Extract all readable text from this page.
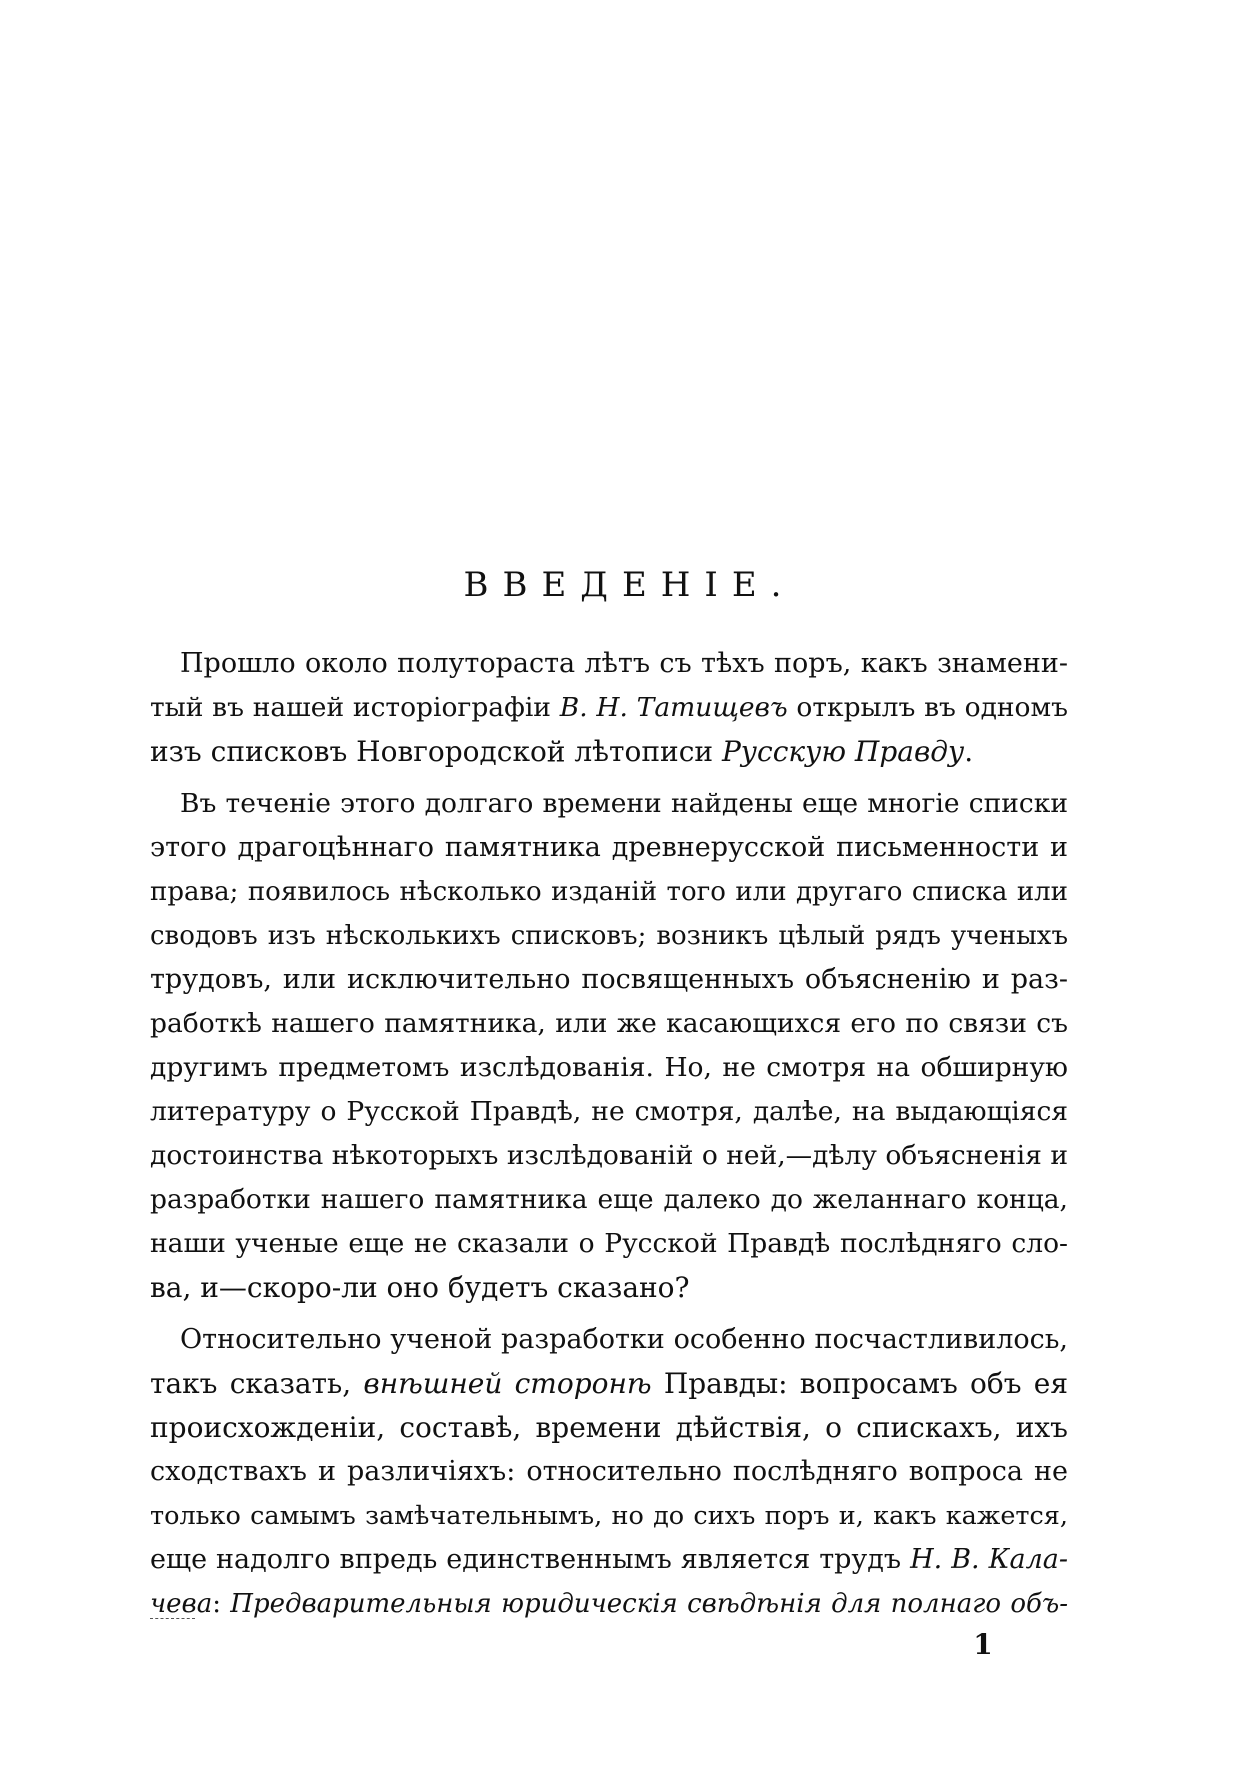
ВВЕДЕНІЕ.
Прошло около полутораста лѣтъ съ тѣхъ поръ, какъ знамени-
тый въ нашей исторіографіи В. Н. Татищевъ открылъ въ одномъ
изъ списковъ Новгородской лѣтописи Русскую Правду.
Въ теченіе этого долгаго времени найдены еще многіе списки
этого драгоцѣннаго памятника древнерусской письменности и
права; появилось нѣсколько изданій того или другаго списка или
сводовъ изъ нѣсколькихъ списковъ; возникъ цѣлый рядъ ученыхъ
трудовъ, или исключительно посвященныхъ объясненію и раз-
работкѣ нашего памятника, или же касающихся его по связи съ
другимъ предметомъ изслѣдованія. Но, не смотря на обширную
литературу о Русской Правдѣ, не смотря, далѣе, на выдающіяся
достоинства нѣкоторыхъ изслѣдованій о ней,—дѣлу объясненія и
разработки нашего памятника еще далеко до желаннаго конца,
наши ученые еще не сказали о Русской Правдѣ послѣдняго сло-
ва, и—скоро-ли оно будетъ сказано?
Относительно ученой разработки особенно посчастливилось,
такъ сказать, внѣшней сторонѣ Правды: вопросамъ объ ея
происхожденіи, составѣ, времени дѣйствія, о спискахъ, ихъ
сходствахъ и различіяхъ: относительно послѣдняго вопроса не
только самымъ замѣчательнымъ, но до сихъ поръ и, какъ кажется,
еще надолго впредь единственнымъ является трудъ Н. В. Кала-
чева: Предварительныя юридическія свѣдѣнія для полнаго объ-
1
